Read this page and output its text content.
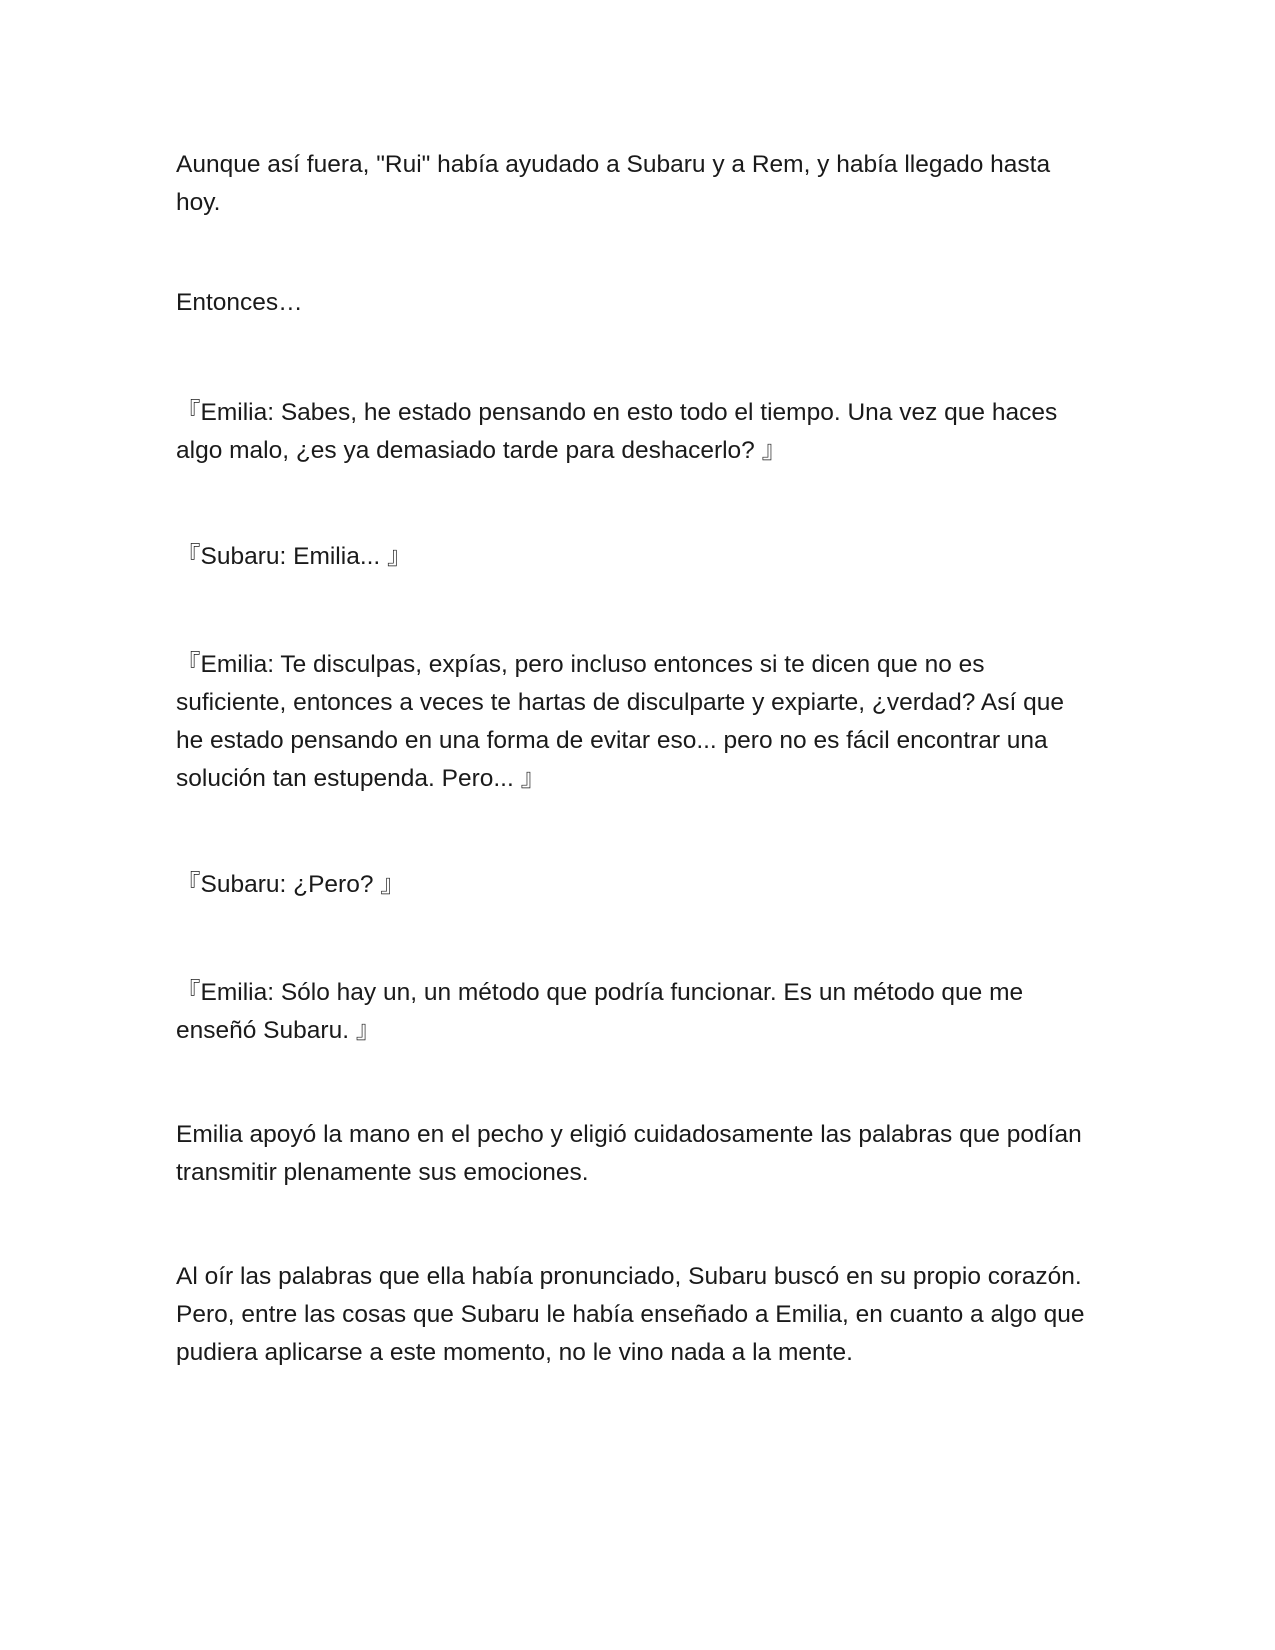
Aunque así fuera, "Rui" había ayudado a Subaru y a Rem, y había llegado hasta hoy.

Entonces…

『Emilia: Sabes, he estado pensando en esto todo el tiempo. Una vez que haces algo malo, ¿es ya demasiado tarde para deshacerlo? 』

『Subaru: Emilia... 』

『Emilia: Te disculpas, expías, pero incluso entonces si te dicen que no es suficiente, entonces a veces te hartas de disculparte y expiarte, ¿verdad? Así que he estado pensando en una forma de evitar eso... pero no es fácil encontrar una solución tan estupenda. Pero... 』

『Subaru: ¿Pero? 』

『Emilia: Sólo hay un, un método que podría funcionar. Es un método que me enseñó Subaru. 』

Emilia apoyó la mano en el pecho y eligió cuidadosamente las palabras que podían transmitir plenamente sus emociones.

Al oír las palabras que ella había pronunciado, Subaru buscó en su propio corazón. Pero, entre las cosas que Subaru le había enseñado a Emilia, en cuanto a algo que pudiera aplicarse a este momento, no le vino nada a la mente.
